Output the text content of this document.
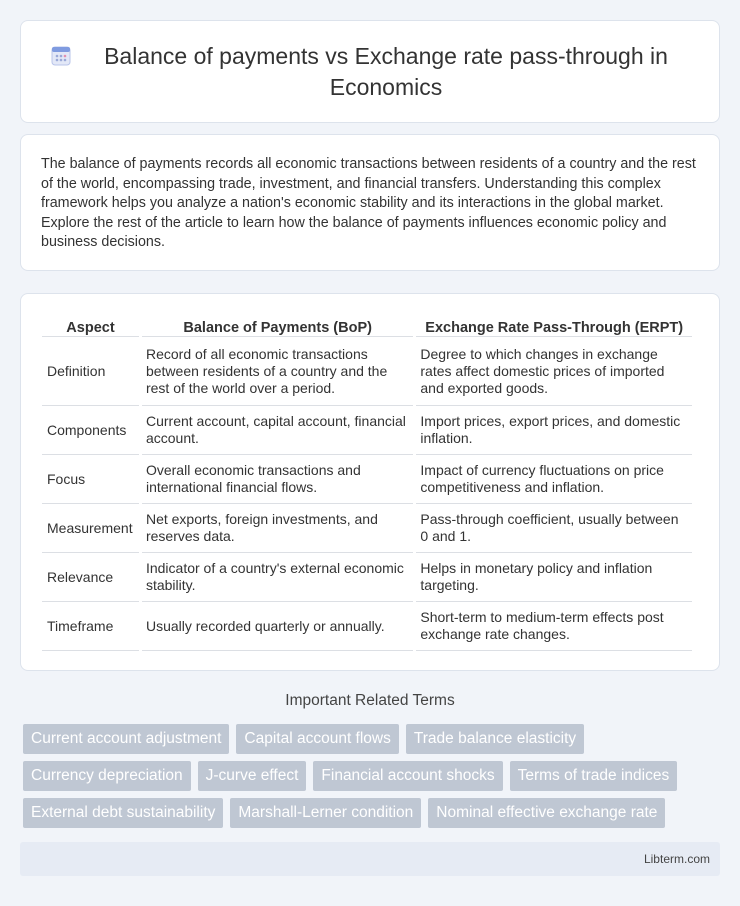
Balance of payments vs Exchange rate pass-through in Economics

The balance of payments records all economic transactions between residents of a country and the rest of the world, encompassing trade, investment, and financial transfers. Understanding this complex framework helps you analyze a nation's economic stability and its interactions in the global market. Explore the rest of the article to learn how the balance of payments influences economic policy and business decisions.

Aspect	Balance of Payments (BoP)	Exchange Rate Pass-Through (ERPT)
Definition	Record of all economic transactions between residents of a country and the rest of the world over a period.	Degree to which changes in exchange rates affect domestic prices of imported and exported goods.
Components	Current account, capital account, financial account.	Import prices, export prices, and domestic inflation.
Focus	Overall economic transactions and international financial flows.	Impact of currency fluctuations on price competitiveness and inflation.
Measurement	Net exports, foreign investments, and reserves data.	Pass-through coefficient, usually between 0 and 1.
Relevance	Indicator of a country's external economic stability.	Helps in monetary policy and inflation targeting.
Timeframe	Usually recorded quarterly or annually.	Short-term to medium-term effects post exchange rate changes.
Important Related Terms
Current account adjustment	Capital account flows	Trade balance elasticity
Currency depreciation	J-curve effect	Financial account shocks	Terms of trade indices
External debt sustainability	Marshall-Lerner condition	Nominal effective exchange rate
Libterm.com
